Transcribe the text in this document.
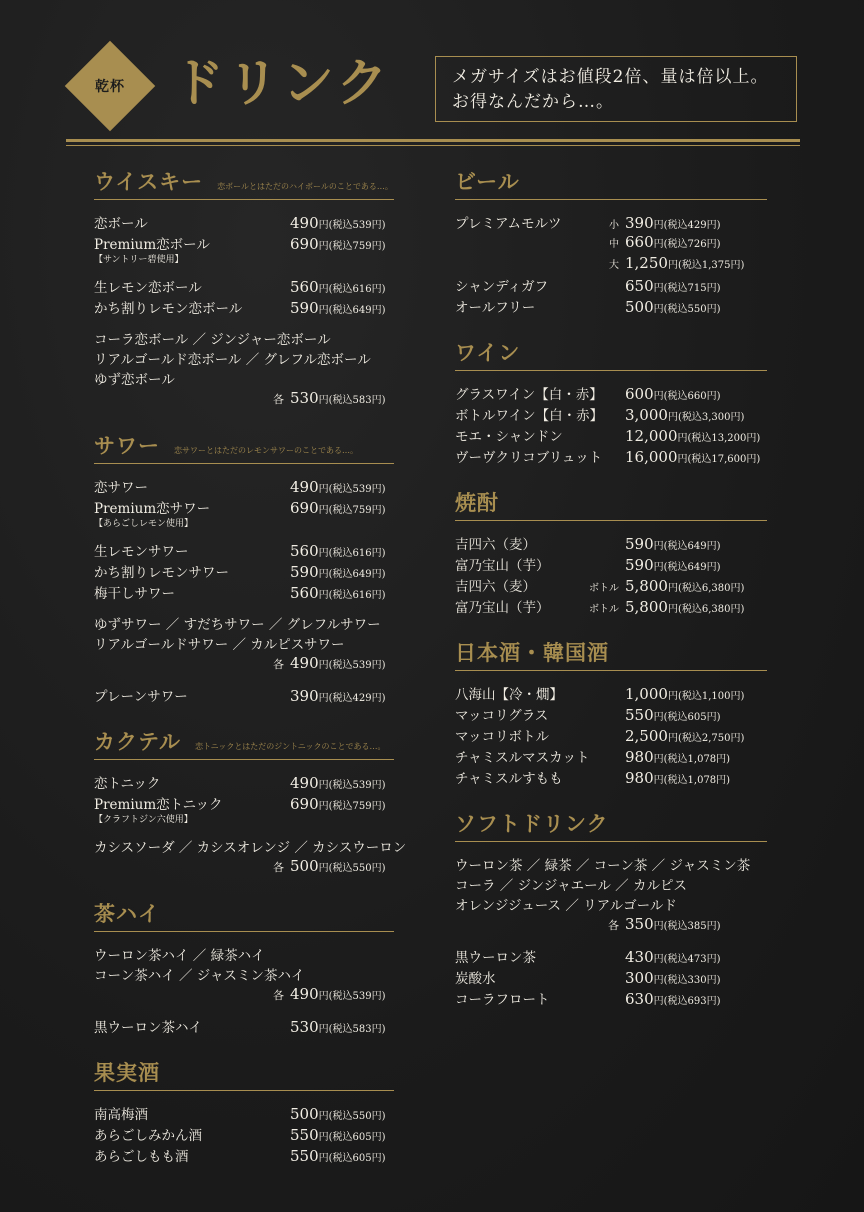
乾杯 ドリンク	メガサイズはお値段2倍、量は倍以上。
お得なんだから…。
ウイスキー 恋ボールとはただのハイボールのことである…。
恋ボール	490円(税込539円)
Premium恋ボール	690円(税込759円)
【サントリー碧使用】
生レモン恋ボール	560円(税込616円)
かち割りレモン恋ボール	590円(税込649円)
コーラ恋ボール ／ ジンジャー恋ボール
リアルゴールド恋ボール ／ グレフル恋ボール
ゆず恋ボール
各 530円(税込583円)
サワー 恋サワーとはただのレモンサワーのことである…。
恋サワー	490円(税込539円)
Premium恋サワー	690円(税込759円)
【あらごしレモン使用】
生レモンサワー	560円(税込616円)
かち割りレモンサワー	590円(税込649円)
梅干しサワー	560円(税込616円)
ゆずサワー ／ すだちサワー ／ グレフルサワー
リアルゴールドサワー ／ カルピスサワー
各 490円(税込539円)
プレーンサワー	390円(税込429円)
カクテル 恋トニックとはただのジントニックのことである…。
恋トニック	490円(税込539円)
Premium恋トニック	690円(税込759円)
【クラフトジン六使用】
カシスソーダ ／ カシスオレンジ ／ カシスウーロン
各 500円(税込550円)
茶ハイ
ウーロン茶ハイ ／ 緑茶ハイ
コーン茶ハイ ／ ジャスミン茶ハイ
各 490円(税込539円)
黒ウーロン茶ハイ	530円(税込583円)
果実酒
南高梅酒	500円(税込550円)
あらごしみかん酒	550円(税込605円)
あらごしもも酒	550円(税込605円)
ビール
プレミアムモルツ	小 390円(税込429円)
中 660円(税込726円)
大 1,250円(税込1,375円)
シャンディガフ	650円(税込715円)
オールフリー	500円(税込550円)
ワイン
グラスワイン【白・赤】	600円(税込660円)
ボトルワイン【白・赤】	3,000円(税込3,300円)
モエ・シャンドン	12,000円(税込13,200円)
ヴーヴクリコブリュット	16,000円(税込17,600円)
焼酎
吉四六（麦）	590円(税込649円)
富乃宝山（芋）	590円(税込649円)
吉四六（麦）	ボトル 5,800円(税込6,380円)
富乃宝山（芋）	ボトル 5,800円(税込6,380円)
日本酒・韓国酒
八海山【冷・燗】	1,000円(税込1,100円)
マッコリグラス	550円(税込605円)
マッコリボトル	2,500円(税込2,750円)
チャミスルマスカット	980円(税込1,078円)
チャミスルすもも	980円(税込1,078円)
ソフトドリンク
ウーロン茶 ／ 緑茶 ／ コーン茶 ／ ジャスミン茶
コーラ ／ ジンジャエール ／ カルピス
オレンジジュース ／ リアルゴールド
各 350円(税込385円)
黒ウーロン茶	430円(税込473円)
炭酸水	300円(税込330円)
コーラフロート	630円(税込693円)
